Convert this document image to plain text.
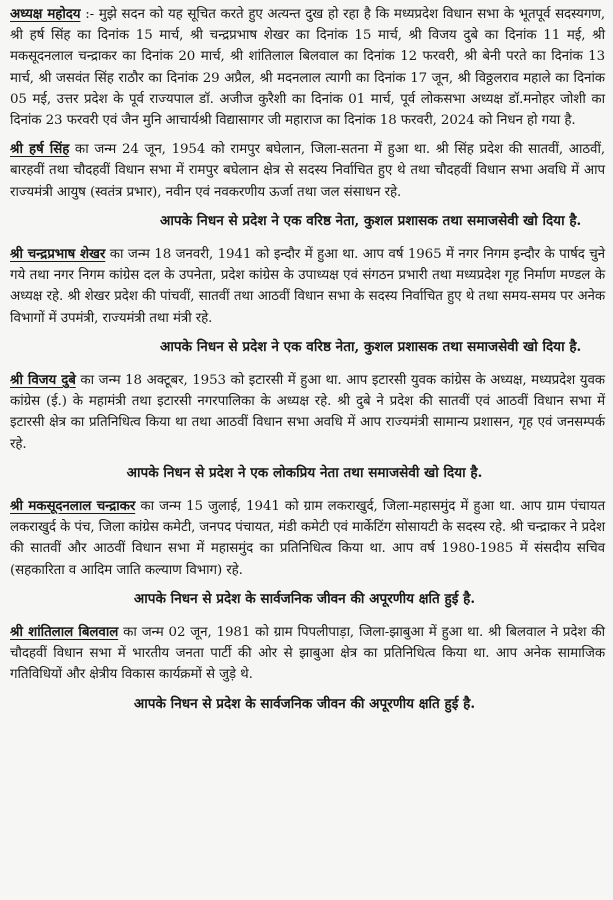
अध्यक्ष महोदय :- मुझे सदन को यह सूचित करते हुए अत्यन्त दुख हो रहा है कि मध्यप्रदेश विधान सभा के भूतपूर्व सदस्यगण, श्री हर्ष सिंह का दिनांक 15 मार्च, श्री चन्द्रप्रभाष शेखर का दिनांक 15 मार्च, श्री विजय दुबे का दिनांक 11 मई, श्री मकसूदनलाल चन्द्राकर का दिनांक 20 मार्च, श्री शांतिलाल बिलवाल का दिनांक 12 फरवरी, श्री बेनी परते का दिनांक 13 मार्च, श्री जसवंत सिंह राठौर का दिनांक 29 अप्रैल, श्री मदनलाल त्यागी का दिनांक 17 जून, श्री विठ्ठलराव महाले का दिनांक 05 मई, उत्तर प्रदेश के पूर्व राज्यपाल डॉ. अजीज कुरैशी का दिनांक 01 मार्च, पूर्व लोकसभा अध्यक्ष डॉ.मनोहर जोशी का दिनांक 23 फरवरी एवं जैन मुनि आचार्यश्री विद्यासागर जी महाराज का दिनांक 18 फरवरी, 2024 को निधन हो गया है.

श्री हर्ष सिंह का जन्म 24 जून, 1954 को रामपुर बघेलान, जिला-सतना में हुआ था. श्री सिंह प्रदेश की सातवीं, आठवीं, बारहवीं तथा चौदहवीं विधान सभा में रामपुर बघेलान क्षेत्र से सदस्य निर्वाचित हुए थे तथा चौदहवीं विधान सभा अवधि में आप राज्यमंत्री आयुष (स्वतंत्र प्रभार), नवीन एवं नवकरणीय ऊर्जा तथा जल संसाधन रहे.

आपके निधन से प्रदेश ने एक वरिष्ठ नेता, कुशल प्रशासक तथा समाजसेवी खो दिया है.

श्री चन्द्रप्रभाष शेखर का जन्म 18 जनवरी, 1941 को इन्दौर में हुआ था. आप वर्ष 1965 में नगर निगम इन्दौर के पार्षद चुने गये तथा नगर निगम कांग्रेस दल के उपनेता, प्रदेश कांग्रेस के उपाध्यक्ष एवं संगठन प्रभारी तथा मध्यप्रदेश गृह निर्माण मण्डल के अध्यक्ष रहे. श्री शेखर प्रदेश की पांचवीं, सातवीं तथा आठवीं विधान सभा के सदस्य निर्वाचित हुए थे तथा समय-समय पर अनेक विभागों में उपमंत्री, राज्यमंत्री तथा मंत्री रहे.

आपके निधन से प्रदेश ने एक वरिष्ठ नेता, कुशल प्रशासक तथा समाजसेवी खो दिया है.

श्री विजय दुबे का जन्म 18 अक्टूबर, 1953 को इटारसी में हुआ था. आप इटारसी युवक कांग्रेस के अध्यक्ष, मध्यप्रदेश युवक कांग्रेस (ई.) के महामंत्री तथा इटारसी नगरपालिका के अध्यक्ष रहे. श्री दुबे ने प्रदेश की सातवीं एवं आठवीं विधान सभा में इटारसी क्षेत्र का प्रतिनिधित्व किया था तथा आठवीं विधान सभा अवधि में आप राज्यमंत्री सामान्य प्रशासन, गृह एवं जनसम्पर्क रहे.

आपके निधन से प्रदेश ने एक लोकप्रिय नेता तथा समाजसेवी खो दिया है.

श्री मकसूदनलाल चन्द्राकर का जन्म 15 जुलाई, 1941 को ग्राम लकराखुर्द, जिला-महासमुंद में हुआ था. आप ग्राम पंचायत लकराखुर्द के पंच, जिला कांग्रेस कमेटी, जनपद पंचायत, मंडी कमेटी एवं मार्केटिंग सोसायटी के सदस्य रहे. श्री चन्द्राकर ने प्रदेश की सातवीं और आठवीं विधान सभा में महासमुंद का प्रतिनिधित्व किया था. आप वर्ष 1980-1985 में संसदीय सचिव (सहकारिता व आदिम जाति कल्याण विभाग) रहे.

आपके निधन से प्रदेश के सार्वजनिक जीवन की अपूरणीय क्षति हुई है.

श्री शांतिलाल बिलवाल का जन्म 02 जून, 1981 को ग्राम पिपलीपाड़ा, जिला-झाबुआ में हुआ था. श्री बिलवाल ने प्रदेश की चौदहवीं विधान सभा में भारतीय जनता पार्टी की ओर से झाबुआ क्षेत्र का प्रतिनिधित्व किया था. आप अनेक सामाजिक गतिविधियों और क्षेत्रीय विकास कार्यक्रमों से जुड़े थे.

आपके निधन से प्रदेश के सार्वजनिक जीवन की अपूरणीय क्षति हुई है.
